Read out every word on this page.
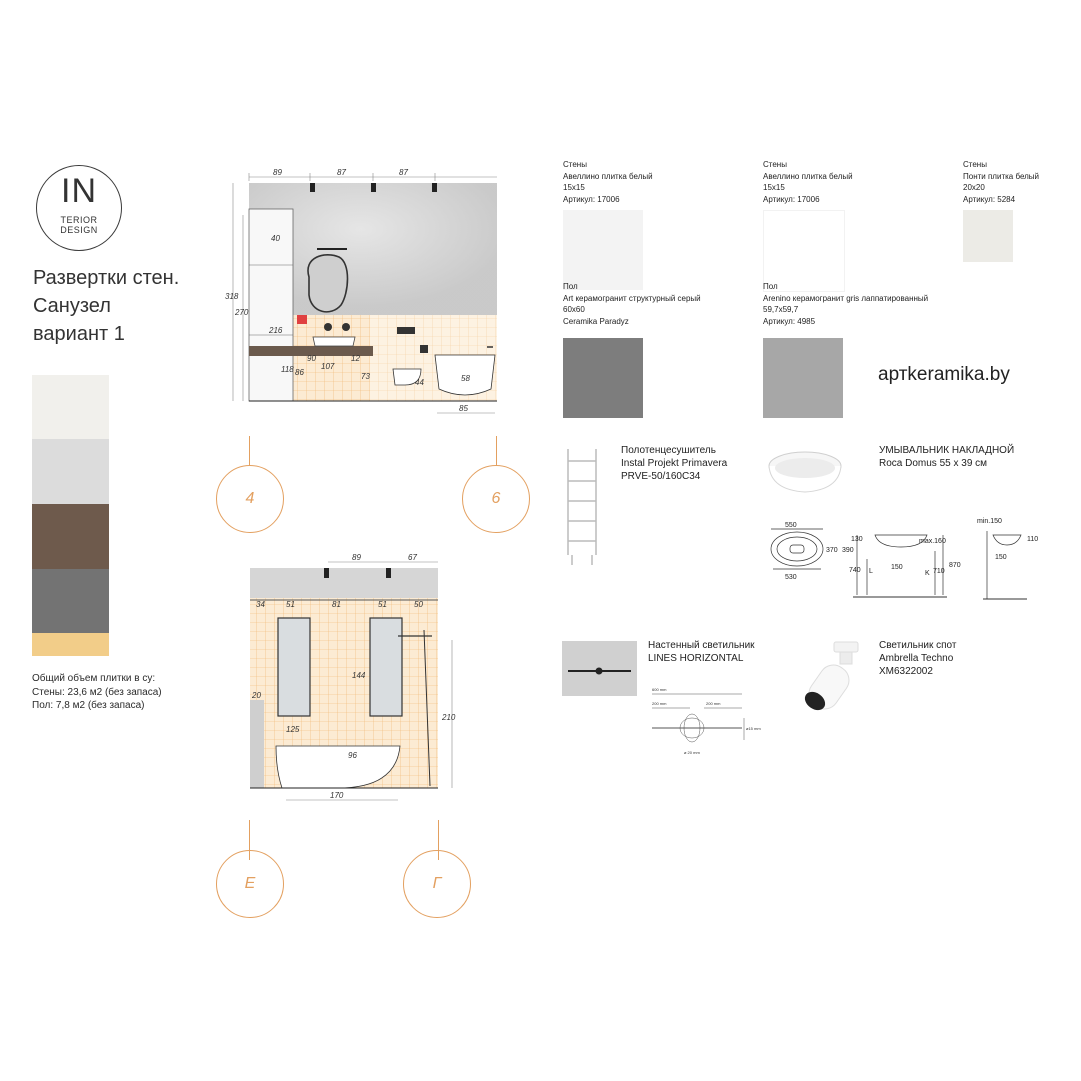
IN
TERIOR
DESIGN
Развертки стен.
Санузел
вариант 1
Общий объем плитки в су:
Стены: 23,6 м2 (без запаса)
Пол: 7,8 м2 (без запаса)
89	87	87
318
270
40
216
118 86
90
107
12
73
44	58
85
4	6
89	67
34	51	81	51	50
20
125
144
96
170
210
Е	Г
Стены
Авеллино плитка белый
15х15
Артикул: 17006
Стены
Авеллино плитка белый
15х15
Артикул: 17006
Стены
Понти плитка белый
20х20
Артикул: 5284
Пол
Art керамогранит структурный серый
60х60
Ceramika Paradyz
Пол
Arenino керамогранит gris лаппатированный
59,7х59,7
Артикул: 4985
артkeramika.by
Полотенцесушитель
Instal Projekt Primavera
PRVE-50/160C34
УМЫВАЛЬНИК НАКЛАДНОЙ
Roca Domus 55 х 39 см
550
370 390
530
130	max.160
150
740 L	K 710
870
min.150
110
150
Настенный светильник
LINES HORIZONTAL
600 mm
200 mm	200 mm
ø 20 mm
ø15 mm
Светильник спот
Ambrella Techno
XM6322002
